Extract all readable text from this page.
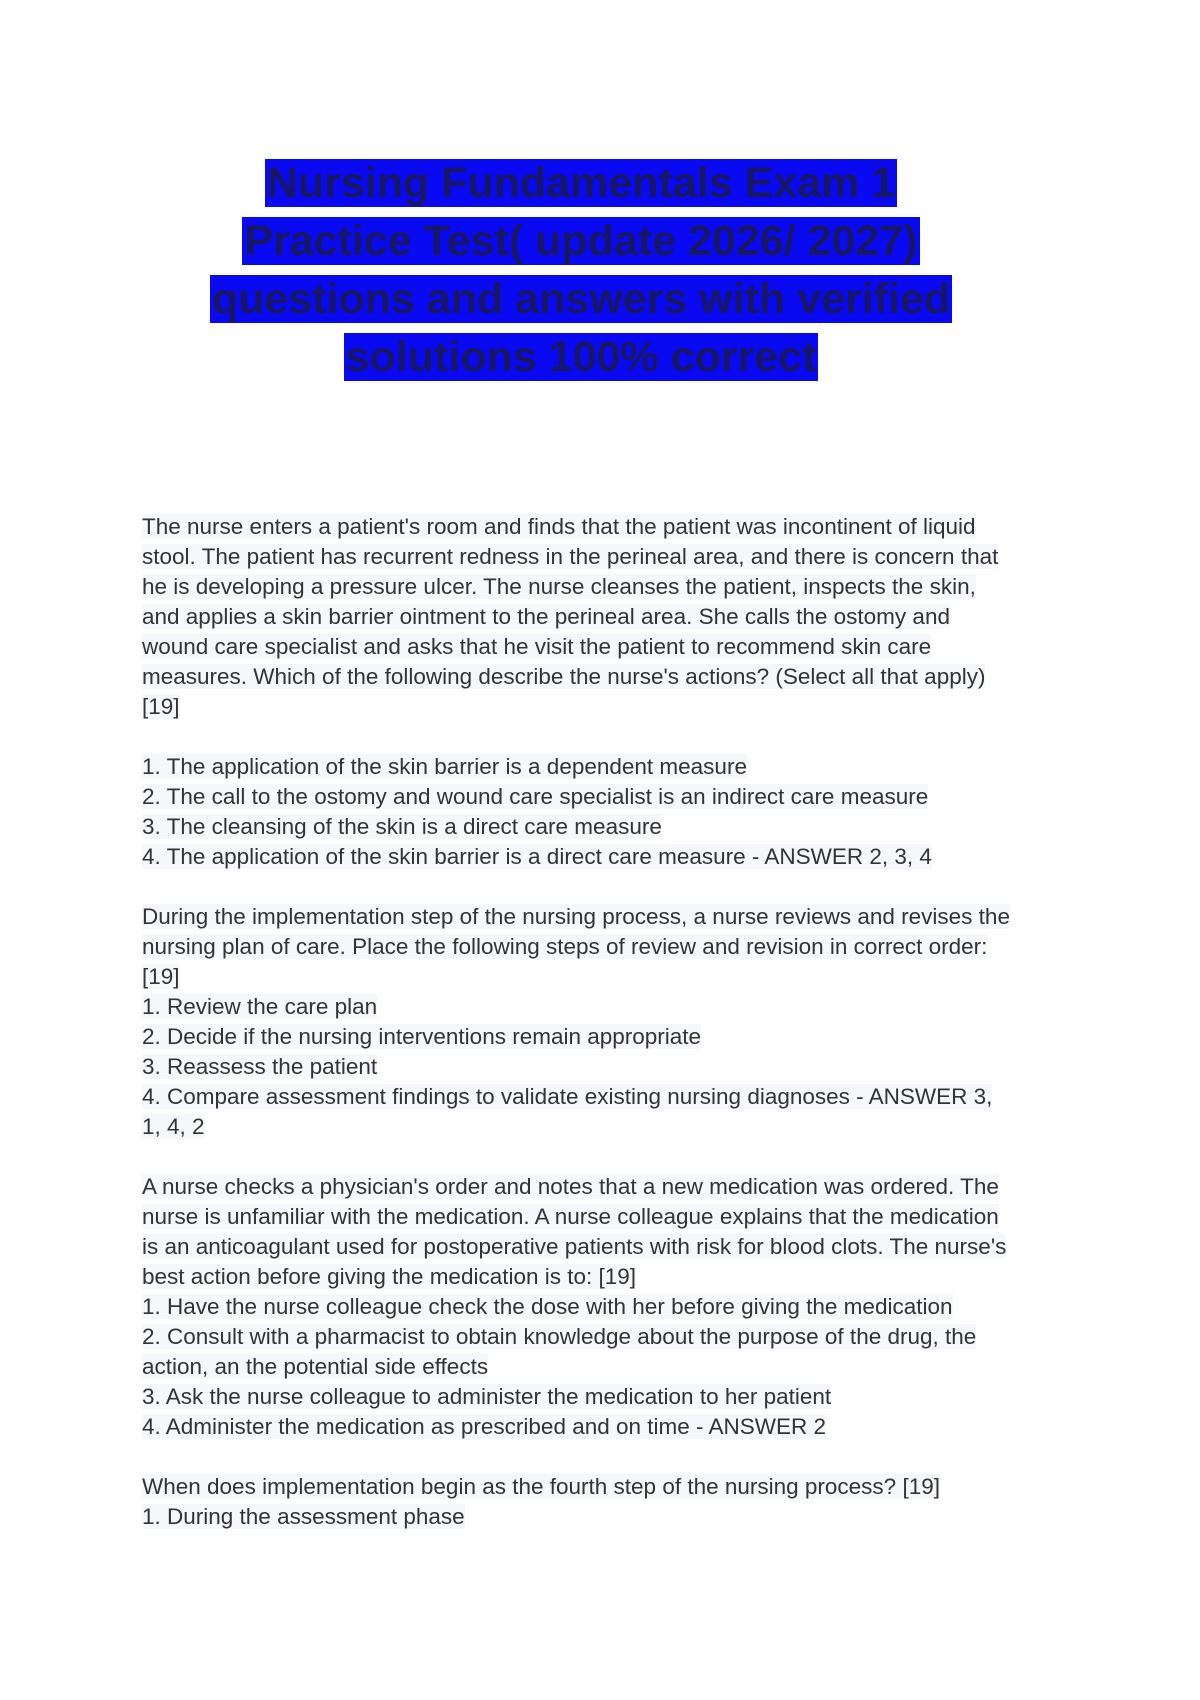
Nursing Fundamentals Exam 1
Practice Test( update 2026/ 2027)
questions and answers with verified
solutions 100% correct
The nurse enters a patient's room and finds that the patient was incontinent of liquid
stool. The patient has recurrent redness in the perineal area, and there is concern that
he is developing a pressure ulcer. The nurse cleanses the patient, inspects the skin,
and applies a skin barrier ointment to the perineal area. She calls the ostomy and
wound care specialist and asks that he visit the patient to recommend skin care
measures. Which of the following describe the nurse's actions? (Select all that apply)
[19]
1. The application of the skin barrier is a dependent measure
2. The call to the ostomy and wound care specialist is an indirect care measure
3. The cleansing of the skin is a direct care measure
4. The application of the skin barrier is a direct care measure - ANSWER 2, 3, 4
During the implementation step of the nursing process, a nurse reviews and revises the
nursing plan of care. Place the following steps of review and revision in correct order:
[19]
1. Review the care plan
2. Decide if the nursing interventions remain appropriate
3. Reassess the patient
4. Compare assessment findings to validate existing nursing diagnoses - ANSWER 3,
1, 4, 2
A nurse checks a physician's order and notes that a new medication was ordered. The
nurse is unfamiliar with the medication. A nurse colleague explains that the medication
is an anticoagulant used for postoperative patients with risk for blood clots. The nurse's
best action before giving the medication is to: [19]
1. Have the nurse colleague check the dose with her before giving the medication
2. Consult with a pharmacist to obtain knowledge about the purpose of the drug, the
action, an the potential side effects
3. Ask the nurse colleague to administer the medication to her patient
4. Administer the medication as prescribed and on time - ANSWER 2
When does implementation begin as the fourth step of the nursing process? [19]
1. During the assessment phase
